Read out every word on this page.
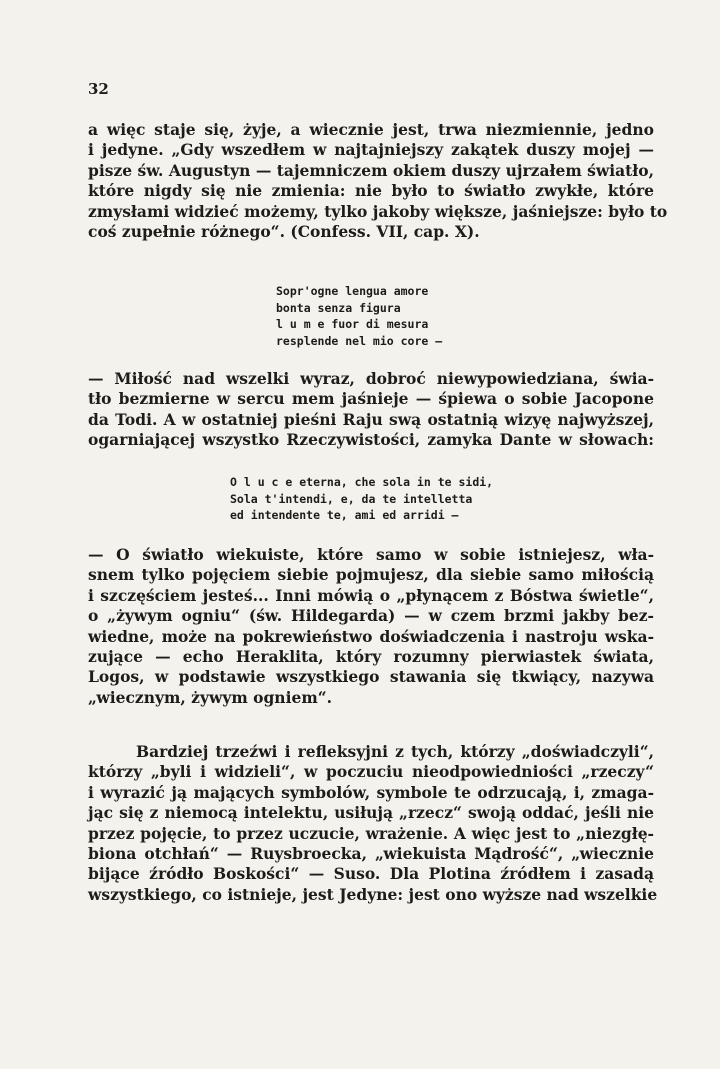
32

a więc staje się, żyje, a wiecznie jest, trwa niezmiennie, jedno
i jedyne. „Gdy wszedłem w najtajniejszy zakątek duszy mojej —
pisze św. Augustyn — tajemniczem okiem duszy ujrzałem światło,
które nigdy się nie zmienia: nie było to światło zwykłe, które
zmysłami widzieć możemy, tylko jakoby większe, jaśniejsze: było to
coś zupełnie różnego“. (Confess. VII, cap. X).

Sopr'ogne lengua amore
bonta senza figura
l u m e fuor di mesura
resplende nel mio core —

— Miłość nad wszelki wyraz, dobroć niewypowiedziana, świa-
tło bezmierne w sercu mem jaśnieje — śpiewa o sobie Jacopone
da Todi. A w ostatniej pieśni Raju swą ostatnią wizyę najwyższej,
ogarniającej wszystko Rzeczywistości, zamyka Dante w słowach:

O l u c e eterna, che sola in te sidi,
Sola t'intendi, e, da te intelletta
ed intendente te, ami ed arridi —

— O światło wiekuiste, które samo w sobie istniejesz, wła-
snem tylko pojęciem siebie pojmujesz, dla siebie samo miłością
i szczęściem jesteś... Inni mówią o „płynącem z Bóstwa świetle“,
o „żywym ogniu“ (św. Hildegarda) — w czem brzmi jakby bez-
wiedne, może na pokrewieństwo doświadczenia i nastroju wska-
zujące — echo Heraklita, który rozumny pierwiastek świata,
Logos, w podstawie wszystkiego stawania się tkwiący, nazywa
„wiecznym, żywym ogniem“.

Bardziej trzeźwi i refleksyjni z tych, którzy „doświadczyli“,
którzy „byli i widzieli“, w poczuciu nieodpowiedniości „rzeczy“
i wyrazić ją mających symbolów, symbole te odrzucają, i, zmaga-
jąc się z niemocą intelektu, usiłują „rzecz“ swoją oddać, jeśli nie
przez pojęcie, to przez uczucie, wrażenie. A więc jest to „niezgłę-
biona otchłań“ — Ruysbroecka, „wiekuista Mądrość“, „wiecznie
bijące źródło Boskości“ — Suso. Dla Plotina źródłem i zasadą
wszystkiego, co istnieje, jest Jedyne: jest ono wyższe nad wszelkie
